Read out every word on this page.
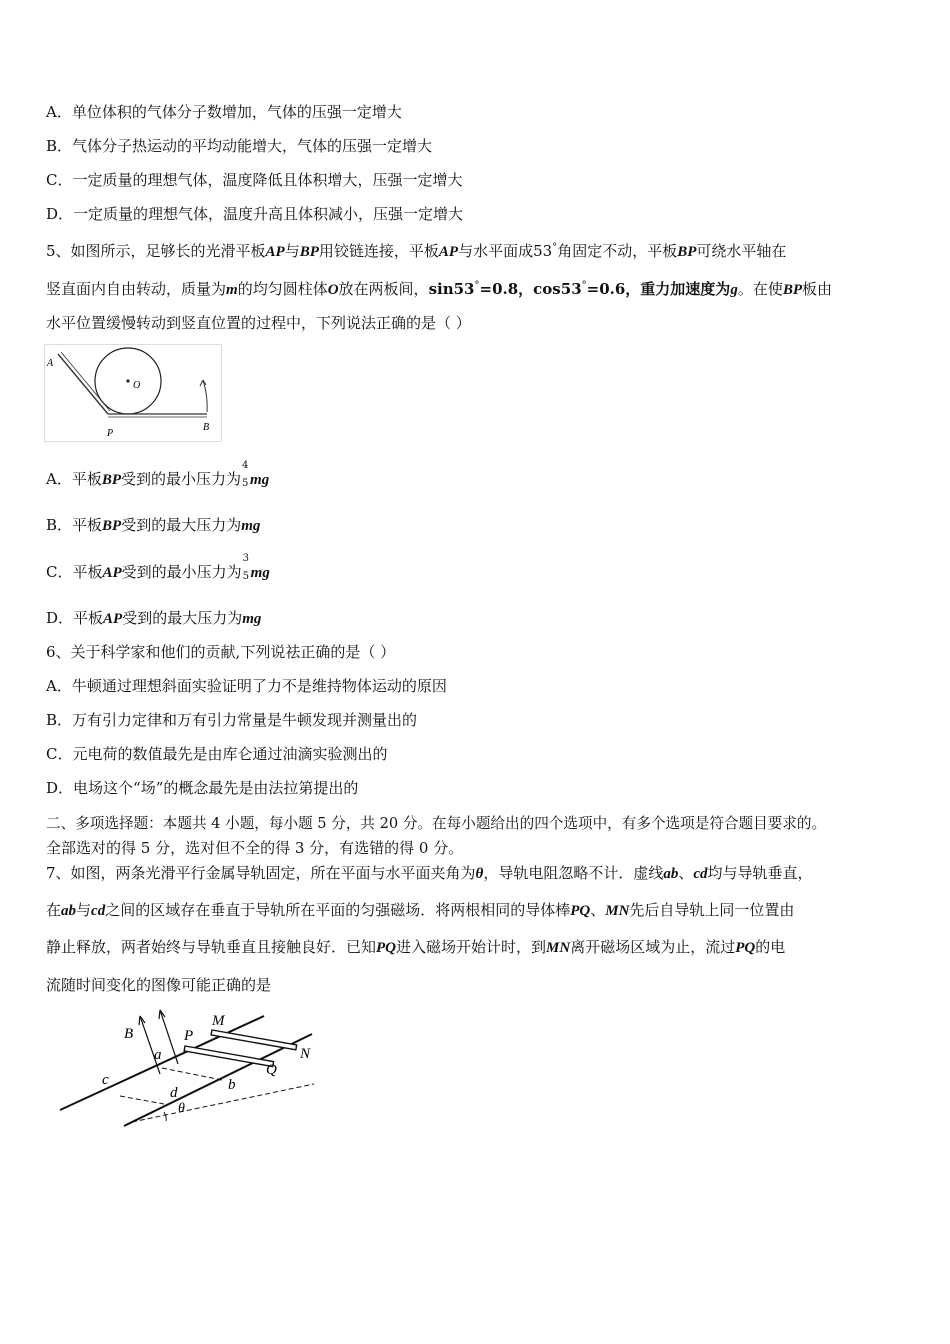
A．单位体积的气体分子数增加，气体的压强一定增大
B．气体分子热运动的平均动能增大，气体的压强一定增大
C．一定质量的理想气体，温度降低且体积增大，压强一定增大
D．一定质量的理想气体，温度升高且体积减小，压强一定增大
5、如图所示，足够长的光滑平板AP与BP用铰链连接，平板AP与水平面成53°角固定不动，平板BP可绕水平轴在
竖直面内自由转动，质量为m的均匀圆柱体O放在两板间，sin53°=0.8，cos53°=0.6，重力加速度为g。在使BP板由
水平位置缓慢转动到竖直位置的过程中，下列说法正确的是（ ）
A
O
P
B
A．平板BP受到的最小压力为
4
5 mg
B．平板BP受到的最大压力为mg
C．平板AP受到的最小压力为
3
5 mg
D．平板AP受到的最大压力为mg
6、关于科学家和他们的贡献,下列说祛正确的是（ ）
A．牛顿通过理想斜面实验证明了力不是维持物体运动的原因
B．万有引力定律和万有引力常量是牛顿发现并测量出的
C．元电荷的数值最先是由库仑通过油滴实验测出的
D．电场这个“场”的概念最先是由法拉第提出的
二、多项选择题：本题共 4 小题，每小题 5 分，共 20 分。在每小题给出的四个选项中，有多个选项是符合题目要求的。
全部选对的得 5 分，选对但不全的得 3 分，有选错的得 0 分。
7、如图，两条光滑平行金属导轨固定，所在平面与水平面夹角为θ，导轨电阻忽略不计．虚线ab、cd均与导轨垂直，
在ab与cd之间的区域存在垂直于导轨所在平面的匀强磁场．将两根相同的导体棒PQ、MN先后自导轨上同一位置由
静止释放，两者始终与导轨垂直且接触良好．已知PQ进入磁场开始计时，到MN离开磁场区域为止，流过PQ的电
流随时间变化的图像可能正确的是
B
M
P
N
a
Q
c
d	b
θ
